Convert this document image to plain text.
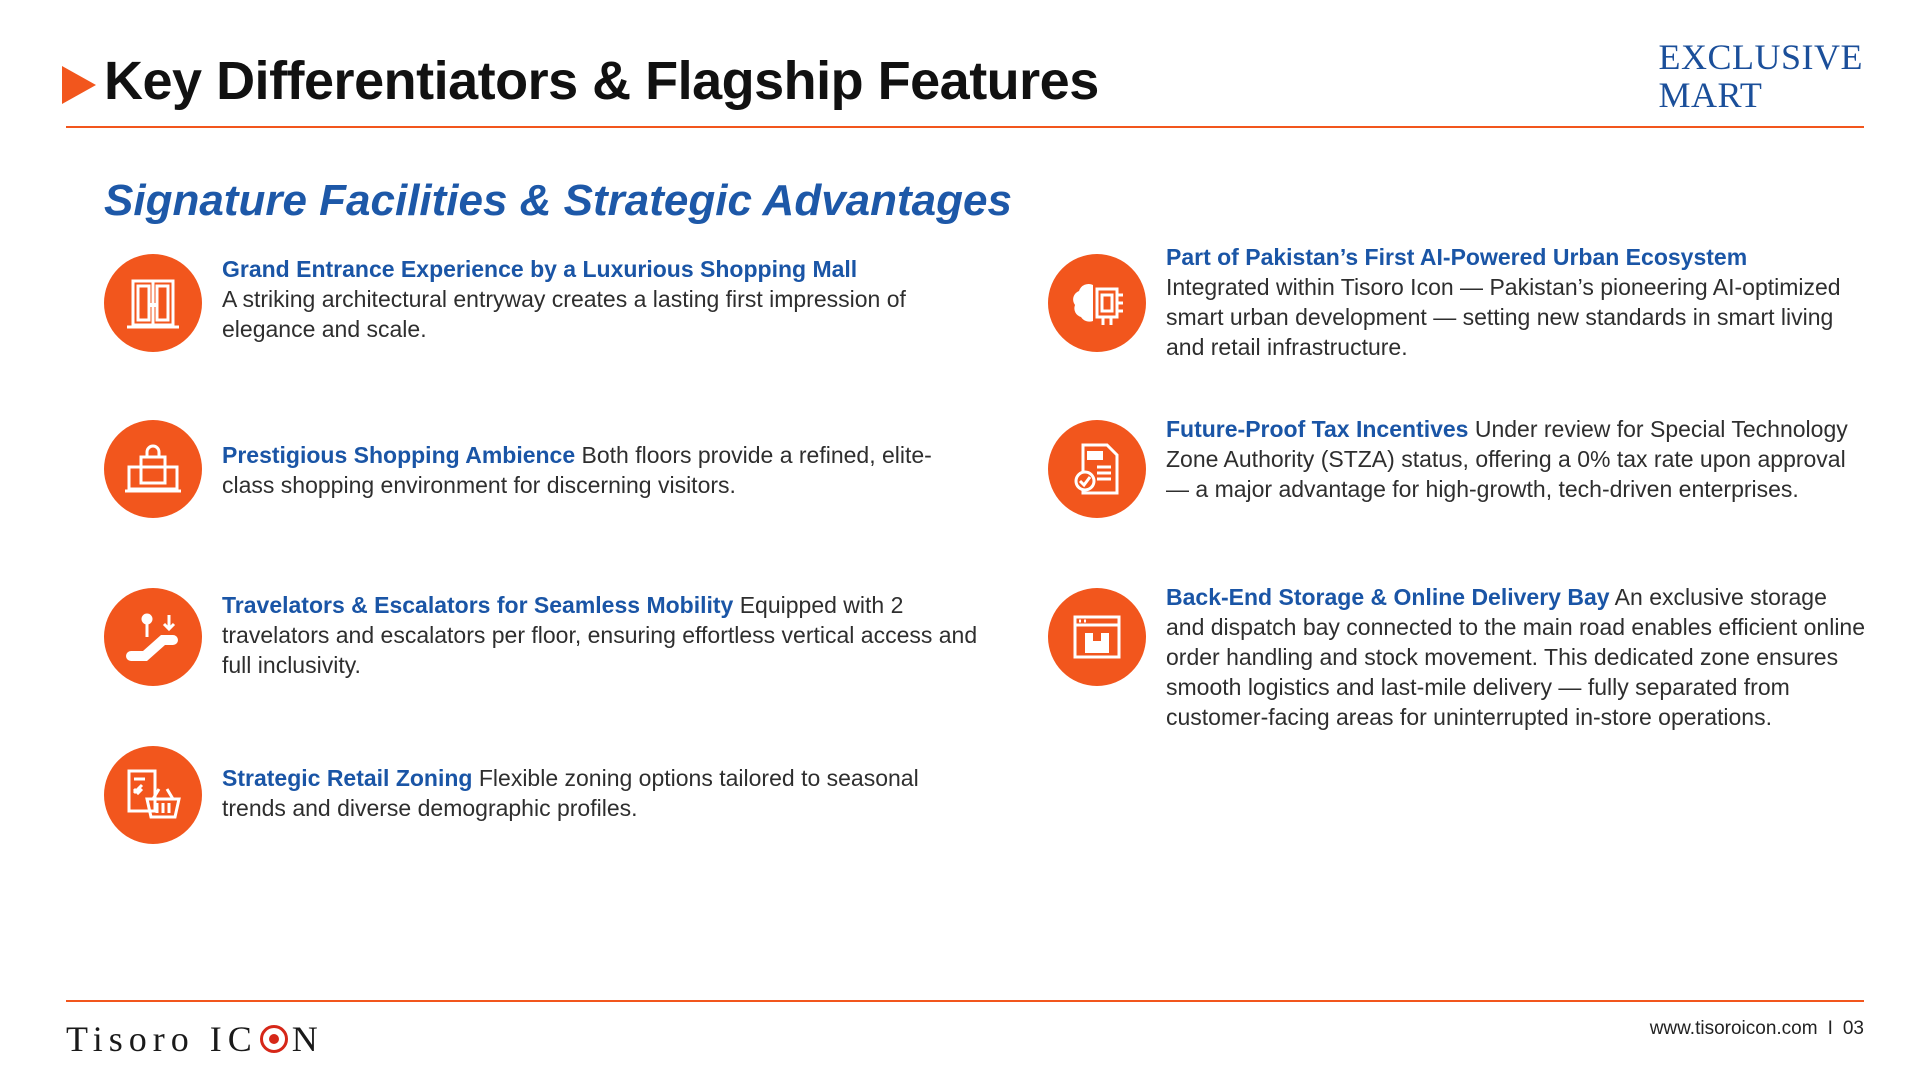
Key Differentiators & Flagship Features	EXCLUSIVE
MART
Signature Facilities & Strategic Advantages
Grand Entrance Experience by a Luxurious Shopping Mall
A striking architectural entryway creates a lasting first impression of elegance and scale.
Prestigious Shopping Ambience Both floors provide a refined, elite-class shopping environment for discerning visitors.
Travelators & Escalators for Seamless Mobility Equipped with 2 travelators and escalators per floor, ensuring effortless vertical access and full inclusivity.
Strategic Retail Zoning Flexible zoning options tailored to seasonal trends and diverse demographic profiles.
Part of Pakistan’s First AI-Powered Urban Ecosystem
Integrated within Tisoro Icon — Pakistan’s pioneering AI-optimized smart urban development — setting new standards in smart living and retail infrastructure.
Future-Proof Tax Incentives Under review for Special Technology Zone Authority (STZA) status, offering a 0% tax rate upon approval — a major advantage for high-growth, tech-driven enterprises.
Back-End Storage & Online Delivery Bay An exclusive storage and dispatch bay connected to the main road enables efficient online order handling and stock movement. This dedicated zone ensures smooth logistics and last-mile delivery — fully separated from customer-facing areas for uninterrupted in-store operations.
Tisoro IC N	www.tisoroicon.com I 03
